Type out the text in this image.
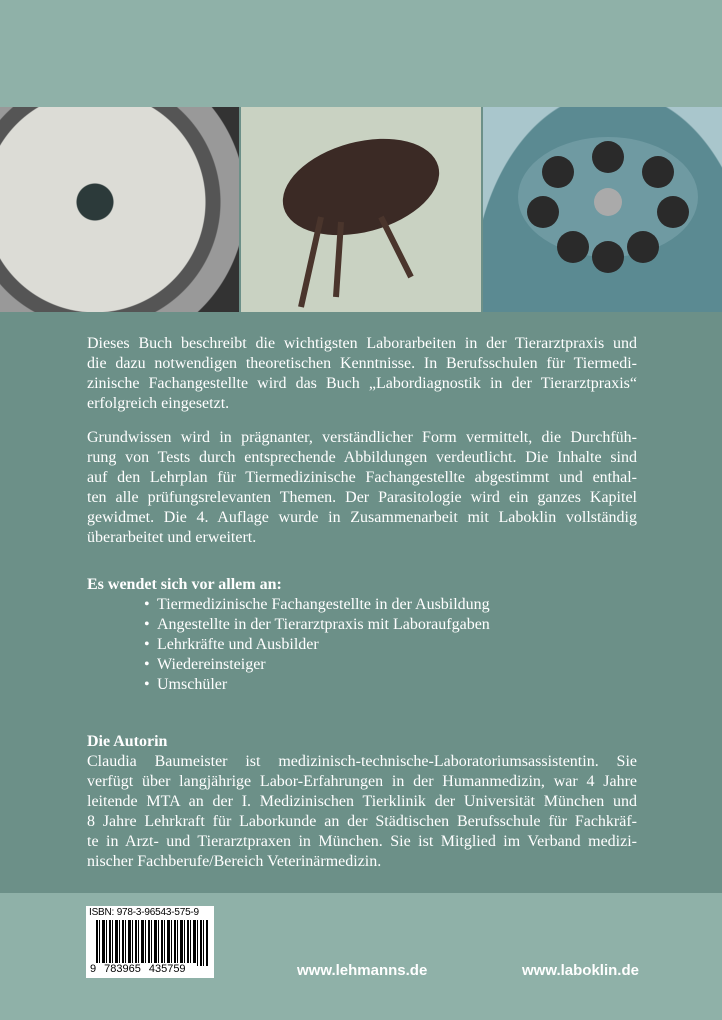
Dieses Buch beschreibt die wichtigsten Laborarbeiten in der Tierarztpraxis und
die dazu notwendigen theoretischen Kenntnisse. In Berufsschulen für Tiermedi-
zinische Fachangestellte wird das Buch „Labordiagnostik in der Tierarztpraxis“
erfolgreich eingesetzt.
Grundwissen wird in prägnanter, verständlicher Form vermittelt, die Durchfüh-
rung von Tests durch entsprechende Abbildungen verdeutlicht. Die Inhalte sind
auf den Lehrplan für Tiermedizinische Fachangestellte abgestimmt und enthal-
ten alle prüfungsrelevanten Themen. Der Parasitologie wird ein ganzes Kapitel
gewidmet. Die 4. Auflage wurde in Zusammenarbeit mit Laboklin vollständig
überarbeitet und erweitert.
Es wendet sich vor allem an:
• Tiermedizinische Fachangestellte in der Ausbildung
• Angestellte in der Tierarztpraxis mit Laboraufgaben
• Lehrkräfte und Ausbilder
• Wiedereinsteiger
• Umschüler
Die Autorin
Claudia Baumeister ist medizinisch-technische-Laboratoriumsassistentin. Sie
verfügt über langjährige Labor-Erfahrungen in der Humanmedizin, war 4 Jahre
leitende MTA an der I. Medizinischen Tierklinik der Universität München und
8 Jahre Lehrkraft für Laborkunde an der Städtischen Berufsschule für Fachkräf-
te in Arzt- und Tierarztpraxen in München. Sie ist Mitglied im Verband medizi-
nischer Fachberufe/Bereich Veterinärmedizin.
ISBN: 978-3-96543-575-9
9 783965 435759	www.lehmanns.de	www.laboklin.de
